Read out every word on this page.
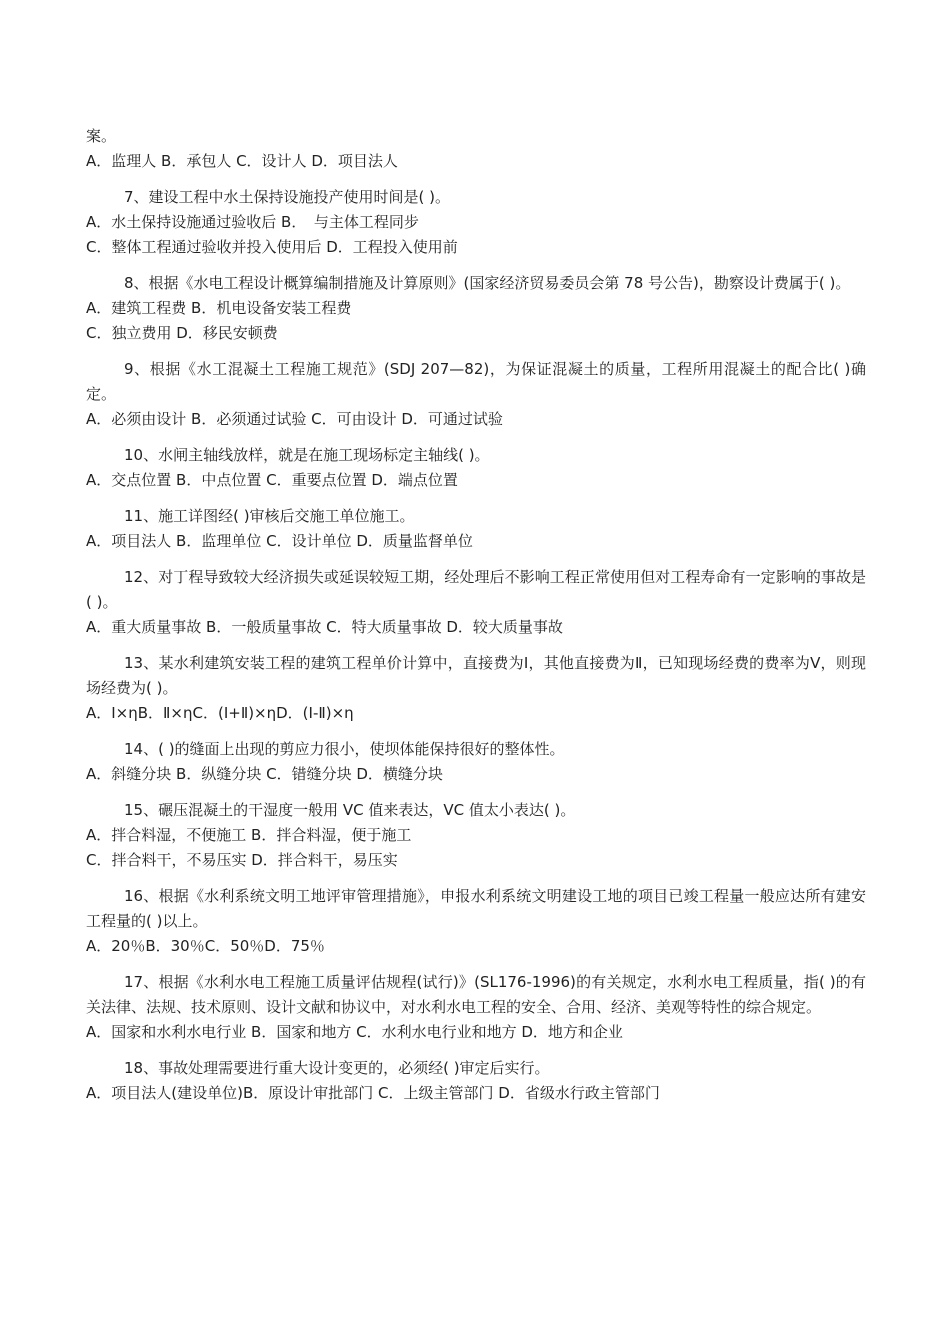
案。

A．监理人 B．承包人 C．设计人 D．项目法人

7、建设工程中水土保持设施投产使用时间是( )。

A．水土保持设施通过验收后 B．　与主体工程同步

C．整体工程通过验收并投入使用后 D．工程投入使用前

8、根据《水电工程设计概算编制措施及计算原则》(国家经济贸易委员会第 78 号公告)，勘察设计费属于( )。

A．建筑工程费 B．机电设备安装工程费

C．独立费用 D．移民安顿费

9、根据《水工混凝土工程施工规范》(SDJ 207—82)，为保证混凝土的质量，工程所用混凝土的配合比( )确定。

A．必须由设计 B．必须通过试验 C．可由设计 D．可通过试验

10、水闸主轴线放样，就是在施工现场标定主轴线( )。

A．交点位置 B．中点位置 C．重要点位置 D．端点位置

11、施工详图经( )审核后交施工单位施工。

A．项目法人 B．监理单位 C．设计单位 D．质量监督单位

12、对丁程导致较大经济损失或延误较短工期，经处理后不影响工程正常使用但对工程寿命有一定影响的事故是( )。

A．重大质量事故 B．一般质量事故 C．特大质量事故 D．较大质量事故

13、某水利建筑安装工程的建筑工程单价计算中，直接费为Ⅰ，其他直接费为Ⅱ，已知现场经费的费率为Ⅴ，则现场经费为( )。

A．Ⅰ×ηB．Ⅱ×ηC．(Ⅰ+Ⅱ)×ηD．(Ⅰ-Ⅱ)×η

14、( )的缝面上出现的剪应力很小，使坝体能保持很好的整体性。

A．斜缝分块 B．纵缝分块 C．错缝分块 D．横缝分块

15、碾压混凝土的干湿度一般用 VC 值来表达，VC 值太小表达( )。

A．拌合料湿，不便施工 B．拌合料湿，便于施工

C．拌合料干，不易压实 D．拌合料干，易压实

16、根据《水利系统文明工地评审管理措施》，申报水利系统文明建设工地的项目已竣工程量一般应达所有建安工程量的( )以上。

A．20％B．30％C．50％D．75％

17、根据《水利水电工程施工质量评估规程(试行)》(SL176-1996)的有关规定，水利水电工程质量，指( )的有关法律、法规、技术原则、设计文献和协议中，对水利水电工程的安全、合用、经济、美观等特性的综合规定。

A．国家和水利水电行业 B．国家和地方 C．水利水电行业和地方 D．地方和企业

18、事故处理需要进行重大设计变更的，必须经( )审定后实行。

A．项目法人(建设单位)B．原设计审批部门 C．上级主管部门 D．省级水行政主管部门
